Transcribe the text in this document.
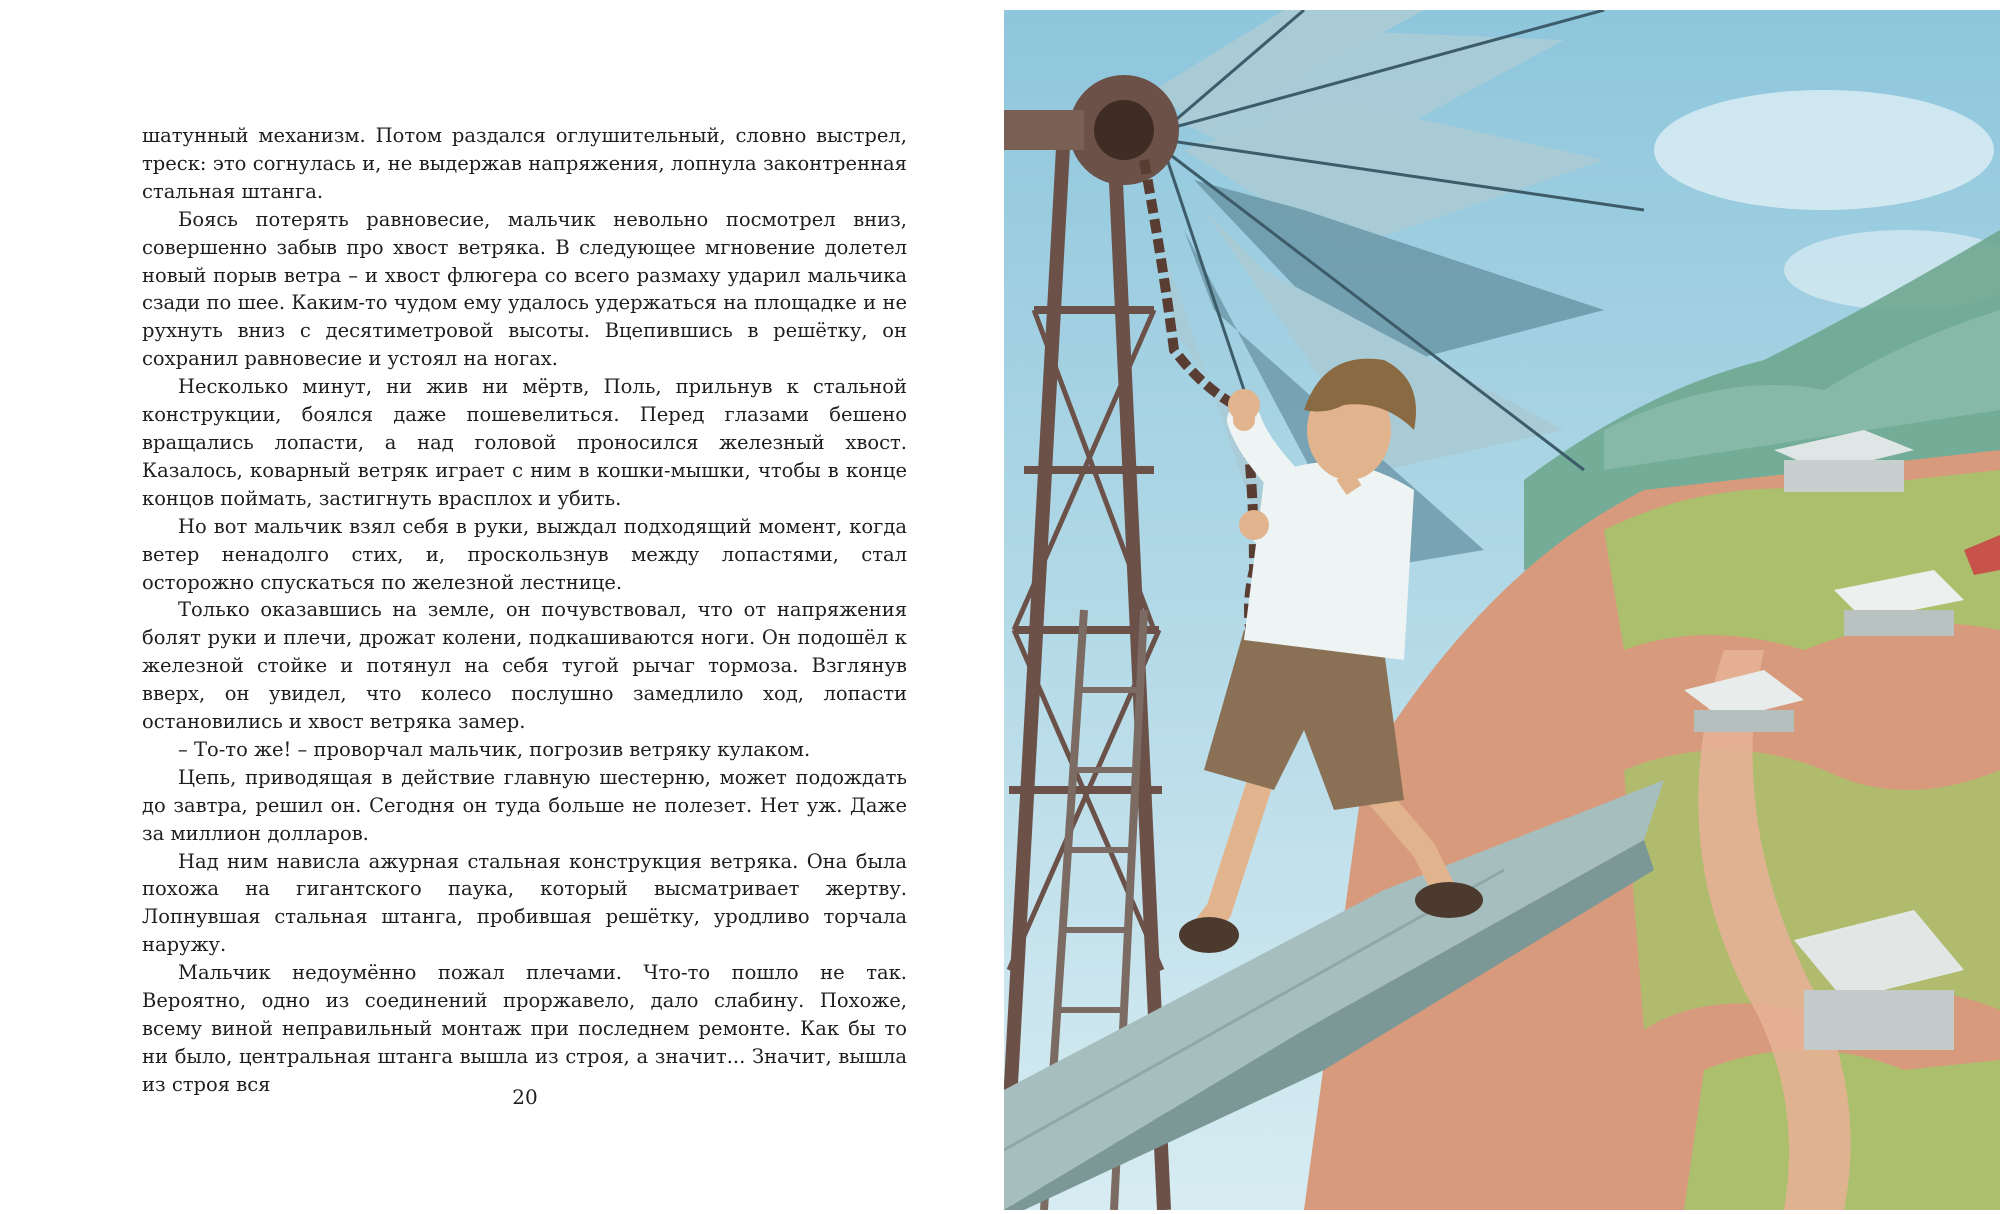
шатунный механизм. Потом раздался оглушительный, словно выстрел, треск: это согнулась и, не выдержав напряжения, лопнула законтренная стальная штанга.

Боясь потерять равновесие, мальчик невольно посмотрел вниз, совершенно забыв про хвост ветряка. В следующее мгновение долетел новый порыв ветра – и хвост флюгера со всего размаху ударил мальчика сзади по шее. Каким-то чудом ему удалось удержаться на площадке и не рухнуть вниз с десятиметровой высоты. Вцепившись в решётку, он сохранил равновесие и устоял на ногах.

Несколько минут, ни жив ни мёртв, Поль, прильнув к стальной конструкции, боялся даже пошевелиться. Перед глазами бешено вращались лопасти, а над головой проносился железный хвост. Казалось, коварный ветряк играет с ним в кошки-мышки, чтобы в конце концов поймать, застигнуть врасплох и убить.

Но вот мальчик взял себя в руки, выждал подходящий момент, когда ветер ненадолго стих, и, проскользнув между лопастями, стал осторожно спускаться по железной лестнице.

Только оказавшись на земле, он почувствовал, что от напряжения болят руки и плечи, дрожат колени, подкашиваются ноги. Он подошёл к железной стойке и потянул на себя тугой рычаг тормоза. Взглянув вверх, он увидел, что колесо послушно замедлило ход, лопасти остановились и хвост ветряка замер.

– То-то же! – проворчал мальчик, погрозив ветряку кулаком.

Цепь, приводящая в действие главную шестерню, может подождать до завтра, решил он. Сегодня он туда больше не полезет. Нет уж. Даже за миллион долларов.

Над ним нависла ажурная стальная конструкция ветряка. Она была похожа на гигантского паука, который высматривает жертву. Лопнувшая стальная штанга, пробившая решётку, уродливо торчала наружу.

Мальчик недоумённо пожал плечами. Что-то пошло не так. Вероятно, одно из соединений проржавело, дало слабину. Похоже, всему виной неправильный монтаж при последнем ремонте. Как бы то ни было, центральная штанга вышла из строя, а значит... Значит, вышла из строя вся

20
